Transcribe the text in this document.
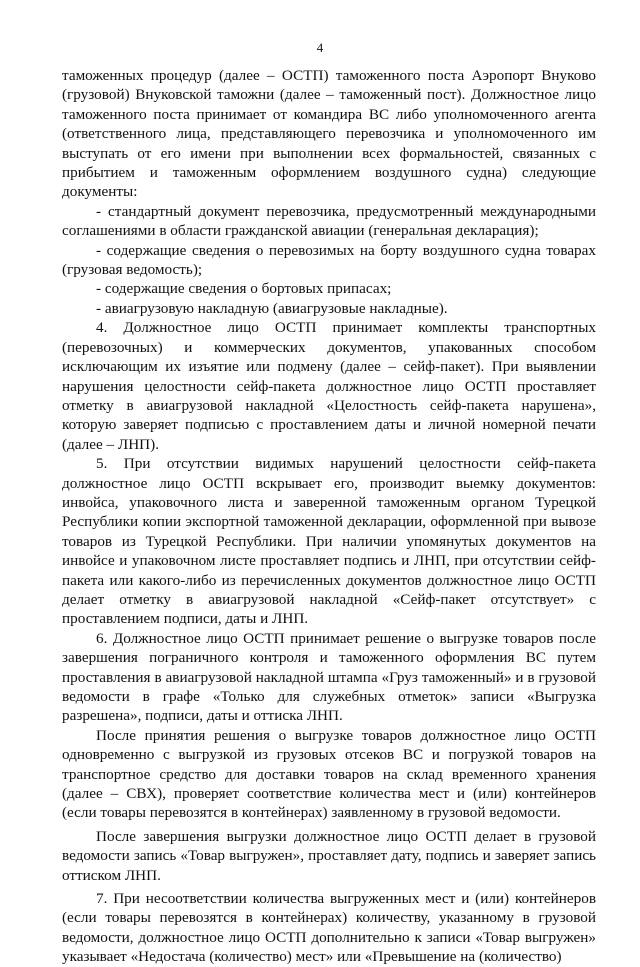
4

таможенных процедур (далее – ОСТП) таможенного поста Аэропорт Внуково (грузовой) Внуковской таможни (далее – таможенный пост). Должностное лицо таможенного поста принимает от командира ВС либо уполномоченного агента (ответственного лица, представляющего перевозчика и уполномоченного им выступать от его имени при выполнении всех формальностей, связанных с прибытием и таможенным оформлением воздушного судна) следующие документы:

- стандартный документ перевозчика, предусмотренный международными соглашениями в области гражданской авиации (генеральная декларация);

- содержащие сведения о перевозимых на борту воздушного судна товарах (грузовая ведомость);

- содержащие сведения о бортовых припасах;

- авиагрузовую накладную (авиагрузовые накладные).

4. Должностное лицо ОСТП принимает комплекты транспортных (перевозочных) и коммерческих документов, упакованных способом исключающим их изъятие или подмену (далее – сейф-пакет). При выявлении нарушения целостности сейф-пакета должностное лицо ОСТП проставляет отметку в авиагрузовой накладной «Целостность сейф-пакета нарушена», которую заверяет подписью с проставлением даты и личной номерной печати (далее – ЛНП).

5. При отсутствии видимых нарушений целостности сейф-пакета должностное лицо ОСТП вскрывает его, производит выемку документов: инвойса, упаковочного листа и заверенной таможенным органом Турецкой Республики копии экспортной таможенной декларации, оформленной при вывозе товаров из Турецкой Республики. При наличии упомянутых документов на инвойсе и упаковочном листе проставляет подпись и ЛНП, при отсутствии сейф-пакета или какого-либо из перечисленных документов должностное лицо ОСТП делает отметку в авиагрузовой накладной «Сейф-пакет отсутствует» с проставлением подписи, даты и ЛНП.

6. Должностное лицо ОСТП принимает решение о выгрузке товаров после завершения пограничного контроля и таможенного оформления ВС путем проставления в авиагрузовой накладной штампа «Груз таможенный» и в грузовой ведомости в графе «Только для служебных отметок» записи «Выгрузка разрешена», подписи, даты и оттиска ЛНП.

После принятия решения о выгрузке товаров должностное лицо ОСТП одновременно с выгрузкой из грузовых отсеков ВС и погрузкой товаров на транспортное средство для доставки товаров на склад временного хранения (далее – СВХ), проверяет соответствие количества мест и (или) контейнеров (если товары перевозятся в контейнерах) заявленному в грузовой ведомости.

После завершения выгрузки должностное лицо ОСТП делает в грузовой ведомости запись «Товар выгружен», проставляет дату, подпись и заверяет запись оттиском ЛНП.

7. При несоответствии количества выгруженных мест и (или) контейнеров (если товары перевозятся в контейнерах) количеству, указанному в грузовой ведомости, должностное лицо ОСТП дополнительно к записи «Товар выгружен» указывает «Недостача (количество) мест» или «Превышение на (количество)
